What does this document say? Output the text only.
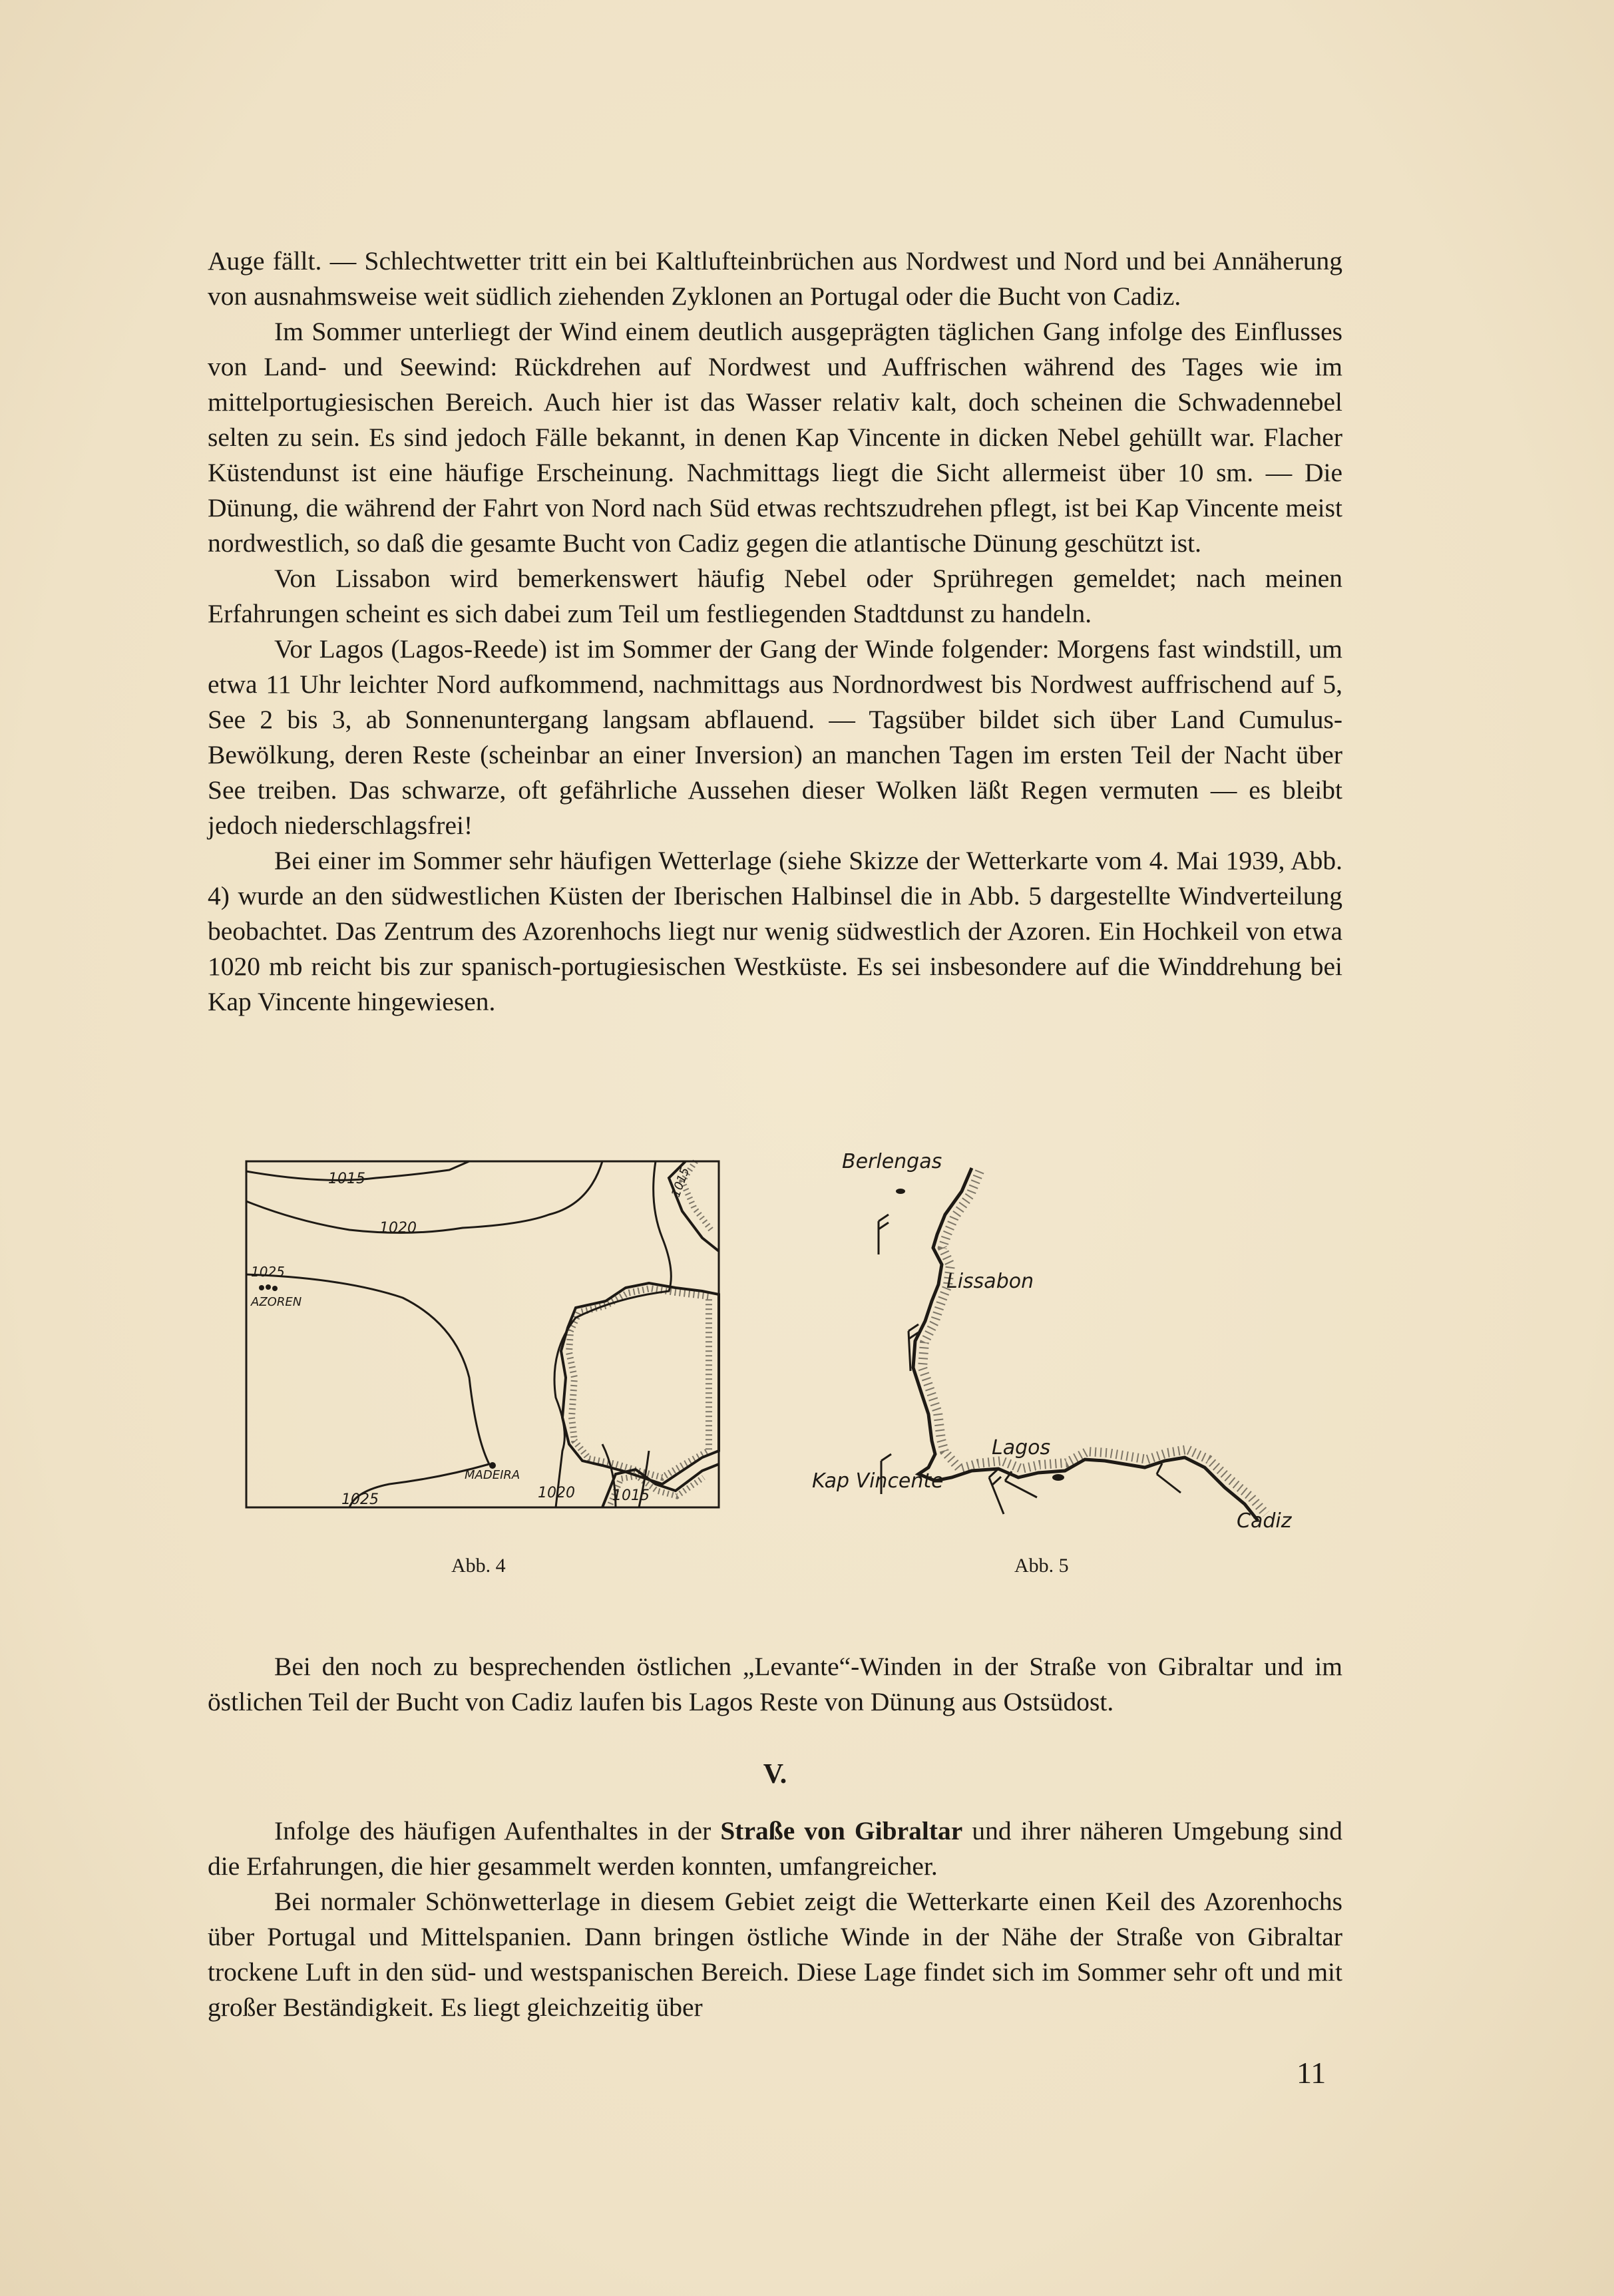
Auge fällt. — Schlechtwetter tritt ein bei Kaltlufteinbrüchen aus Nordwest und Nord und bei Annäherung von ausnahmsweise weit südlich ziehenden Zyklonen an Portugal oder die Bucht von Cadiz.

Im Sommer unterliegt der Wind einem deutlich ausgeprägten täglichen Gang infolge des Einflusses von Land- und Seewind: Rückdrehen auf Nordwest und Auffrischen während des Tages wie im mittelportugiesischen Bereich. Auch hier ist das Wasser relativ kalt, doch scheinen die Schwadennebel selten zu sein. Es sind jedoch Fälle bekannt, in denen Kap Vincente in dicken Nebel gehüllt war. Flacher Küstendunst ist eine häufige Erscheinung. Nachmittags liegt die Sicht allermeist über 10 sm. — Die Dünung, die während der Fahrt von Nord nach Süd etwas rechtszudrehen pflegt, ist bei Kap Vincente meist nordwestlich, so daß die gesamte Bucht von Cadiz gegen die atlantische Dünung geschützt ist.

Von Lissabon wird bemerkenswert häufig Nebel oder Sprühregen gemeldet; nach meinen Erfahrungen scheint es sich dabei zum Teil um festliegenden Stadtdunst zu handeln.

Vor Lagos (Lagos-Reede) ist im Sommer der Gang der Winde folgender: Morgens fast windstill, um etwa 11 Uhr leichter Nord aufkommend, nachmittags aus Nordnordwest bis Nordwest auffrischend auf 5, See 2 bis 3, ab Sonnenuntergang langsam abflauend. — Tagsüber bildet sich über Land Cumulus-Bewölkung, deren Reste (scheinbar an einer Inversion) an manchen Tagen im ersten Teil der Nacht über See treiben. Das schwarze, oft gefährliche Aussehen dieser Wolken läßt Regen vermuten — es bleibt jedoch niederschlagsfrei!

Bei einer im Sommer sehr häufigen Wetterlage (siehe Skizze der Wetterkarte vom 4. Mai 1939, Abb. 4) wurde an den südwestlichen Küsten der Iberischen Halbinsel die in Abb. 5 dargestellte Windverteilung beobachtet. Das Zentrum des Azorenhochs liegt nur wenig südwestlich der Azoren. Ein Hochkeil von etwa 1020 mb reicht bis zur spanisch-portugiesischen Westküste. Es sei insbesondere auf die Winddrehung bei Kap Vincente hingewiesen.

1015
1020
1025
AZOREN
MADEIRA
1025	1020	1015
1015
Berlengas
Lissabon
Lagos
Kap Vincente
Cadiz
Abb. 4	Abb. 5

Bei den noch zu besprechenden östlichen „Levante“-Winden in der Straße von Gibraltar und im östlichen Teil der Bucht von Cadiz laufen bis Lagos Reste von Dünung aus Ostsüdost.

V.

Infolge des häufigen Aufenthaltes in der Straße von Gibraltar und ihrer näheren Umgebung sind die Erfahrungen, die hier gesammelt werden konnten, umfangreicher.

Bei normaler Schönwetterlage in diesem Gebiet zeigt die Wetterkarte einen Keil des Azorenhochs über Portugal und Mittelspanien. Dann bringen östliche Winde in der Nähe der Straße von Gibraltar trockene Luft in den süd- und westspanischen Bereich. Diese Lage findet sich im Sommer sehr oft und mit großer Beständigkeit. Es liegt gleichzeitig über

11
